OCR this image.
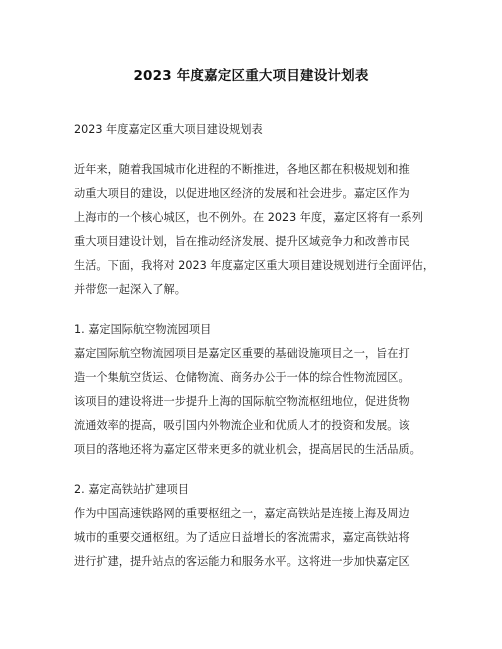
2023 年度嘉定区重大项目建设计划表
2023 年度嘉定区重大项目建设规划表
近年来，随着我国城市化进程的不断推进，各地区都在积极规划和推
动重大项目的建设，以促进地区经济的发展和社会进步。嘉定区作为
上海市的一个核心城区，也不例外。在 2023 年度，嘉定区将有一系列
重大项目建设计划，旨在推动经济发展、提升区域竞争力和改善市民
生活。下面，我将对 2023 年度嘉定区重大项目建设规划进行全面评估，
并带您一起深入了解。
1. 嘉定国际航空物流园项目
嘉定国际航空物流园项目是嘉定区重要的基础设施项目之一，旨在打
造一个集航空货运、仓储物流、商务办公于一体的综合性物流园区。
该项目的建设将进一步提升上海的国际航空物流枢纽地位，促进货物
流通效率的提高，吸引国内外物流企业和优质人才的投资和发展。该
项目的落地还将为嘉定区带来更多的就业机会，提高居民的生活品质。
2. 嘉定高铁站扩建项目
作为中国高速铁路网的重要枢纽之一，嘉定高铁站是连接上海及周边
城市的重要交通枢纽。为了适应日益增长的客流需求，嘉定高铁站将
进行扩建，提升站点的客运能力和服务水平。这将进一步加快嘉定区
